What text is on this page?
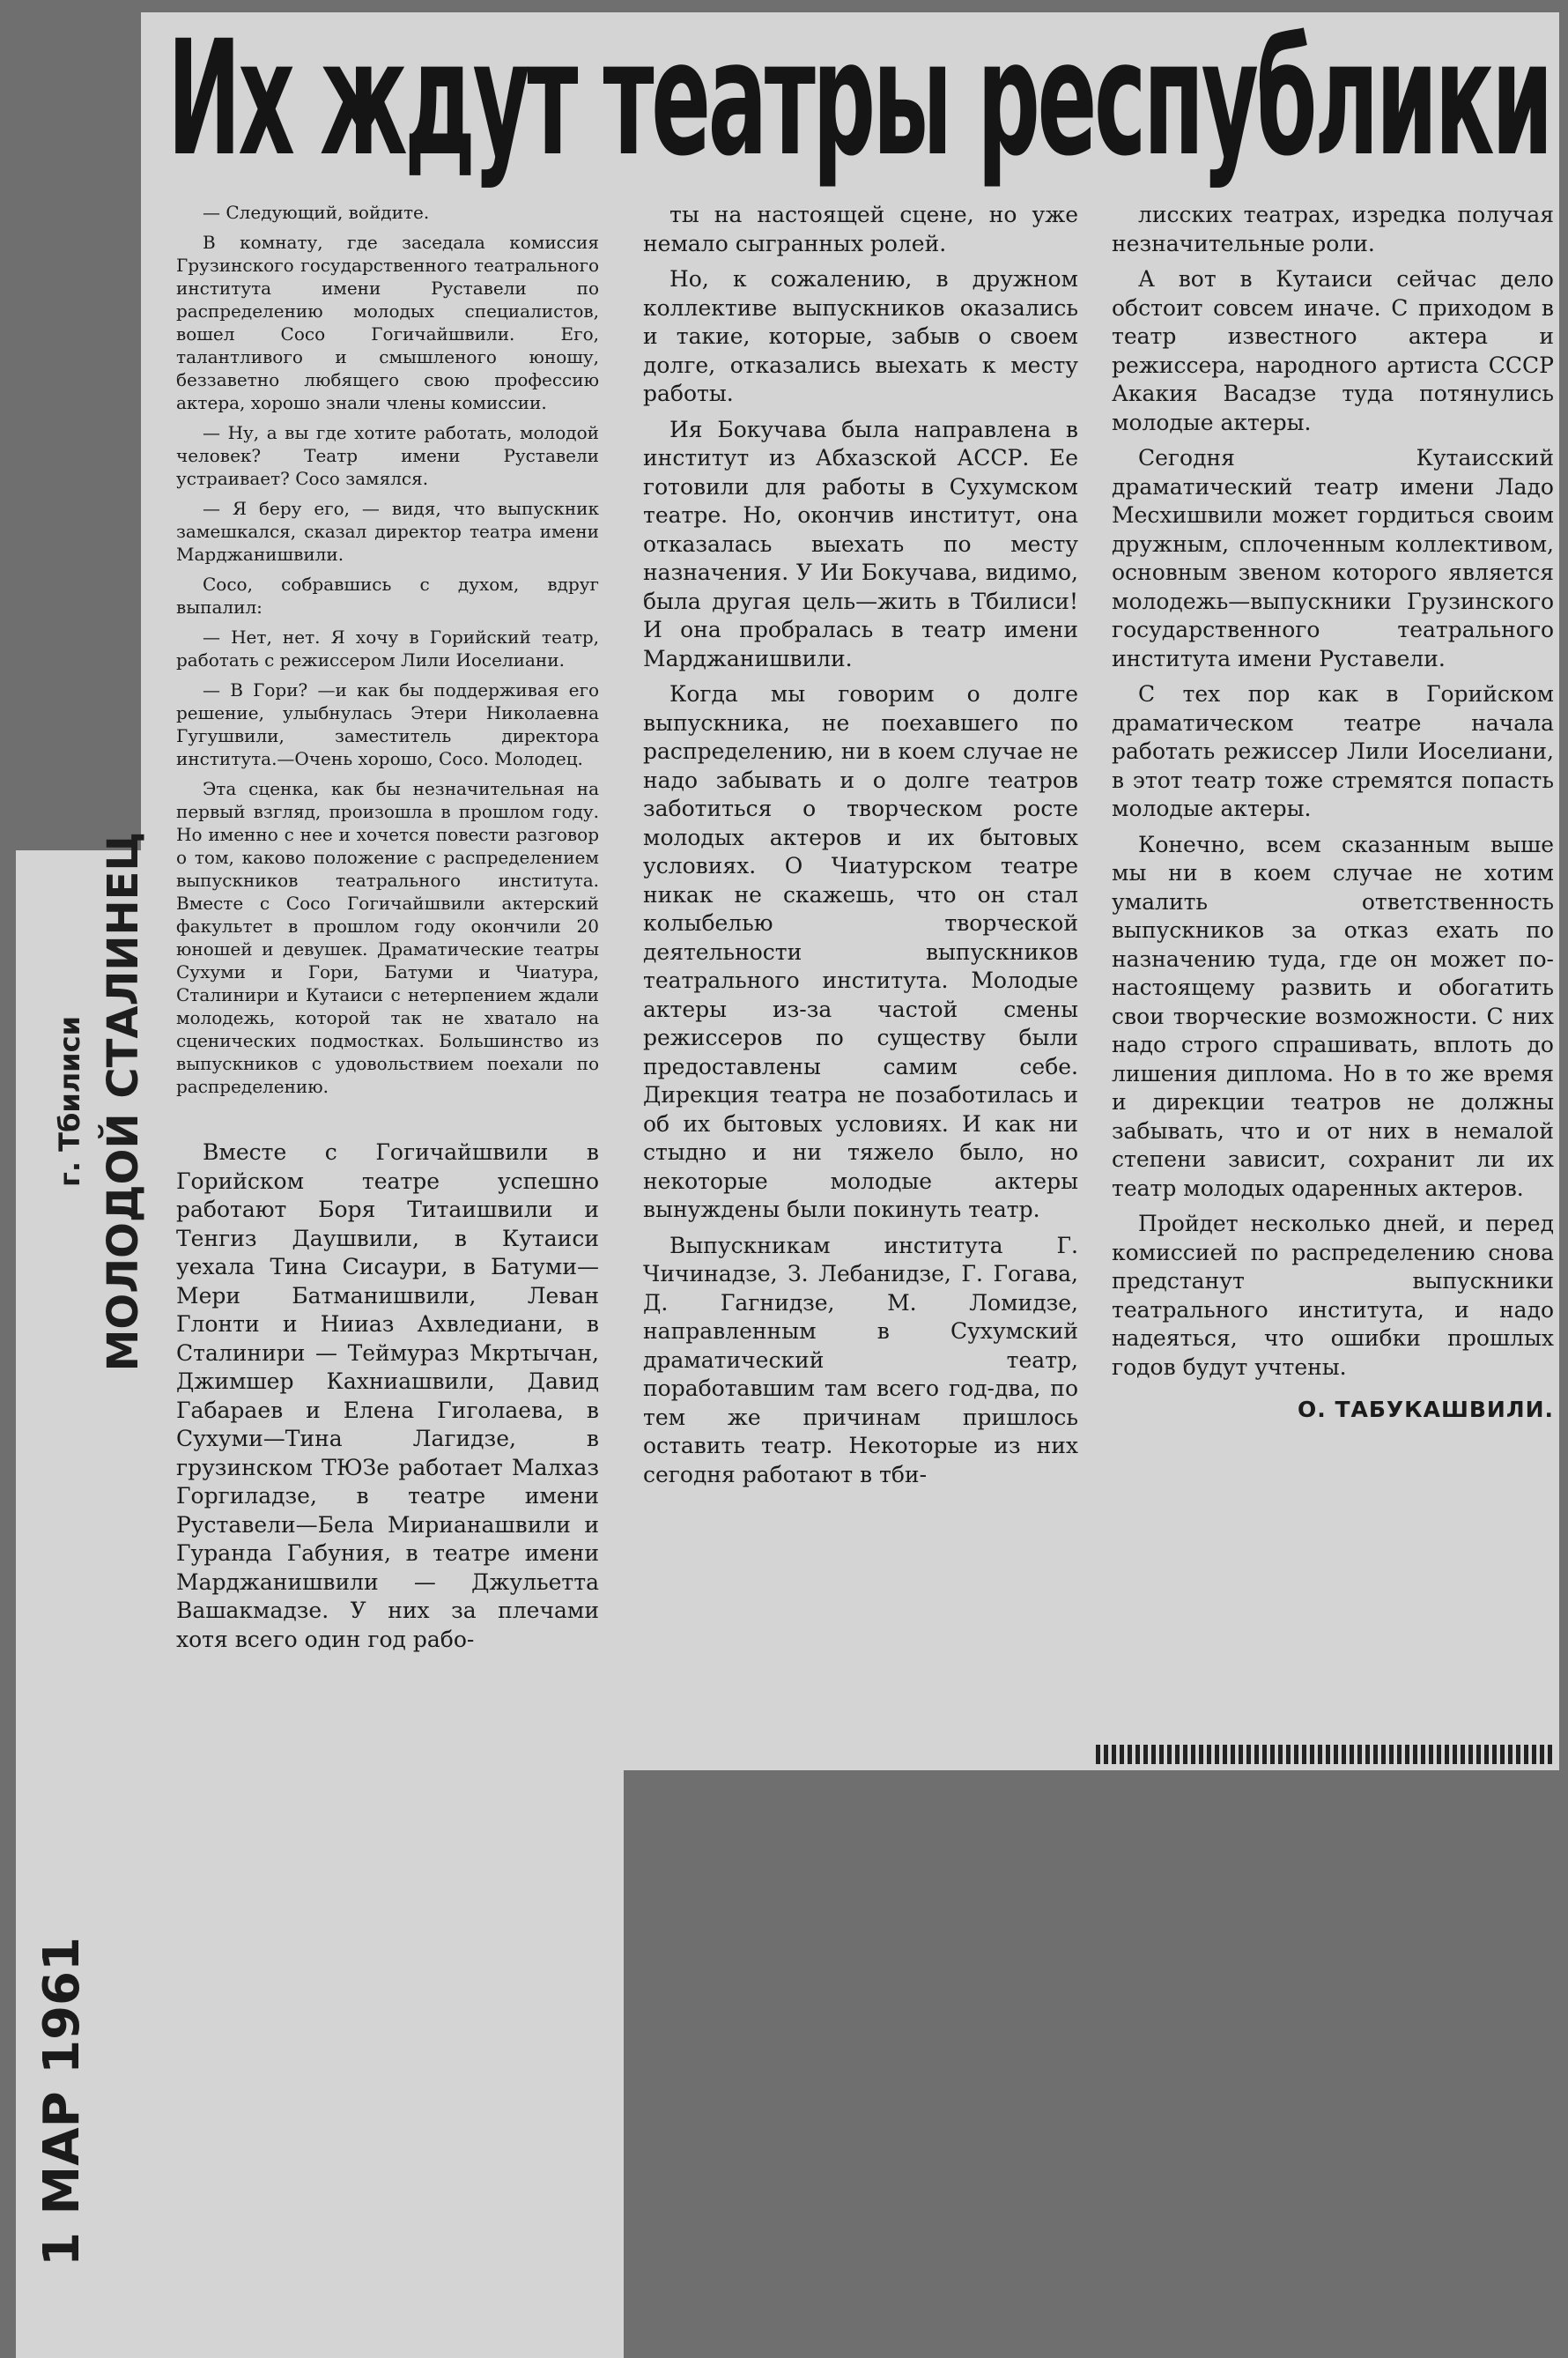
Их ждут театры республики

— Следующий, войдите.

В комнату, где заседала комиссия Грузинского государственного театрального института имени Руставели по распределению молодых специалистов, вошел Сосо Гогичайшвили. Его, талантливого и смышленого юношу, беззаветно любящего свою профессию актера, хорошо знали члены комиссии.

— Ну, а вы где хотите работать, молодой человек? Театр имени Руставели устраивает? Сосо замялся.

— Я беру его, — видя, что выпускник замешкался, сказал директор театра имени Марджанишвили.

Сосо, собравшись с духом, вдруг выпалил:

— Нет, нет. Я хочу в Горийский театр, работать с режиссером Лили Иоселиани.

— В Гори? —и как бы поддерживая его решение, улыбнулась Этери Николаевна Гугушвили, заместитель директора института.—Очень хорошо, Сосо. Молодец.

Эта сценка, как бы незначительная на первый взгляд, произошла в прошлом году. Но именно с нее и хочется повести разговор о том, каково положение с распределением выпускников театрального института. Вместе с Сосо Гогичайшвили актерский факультет в прошлом году окончили 20 юношей и девушек. Драматические театры Сухуми и Гори, Батуми и Чиатура, Сталинири и Кутаиси с нетерпением ждали молодежь, которой так не хватало на сценических подмостках. Большинство из выпускников с удовольствием поехали по распределению.

Вместе с Гогичайшвили в Горийском театре успешно работают Боря Титаишвили и Тенгиз Даушвили, в Кутаиси уехала Тина Сисаури, в Батуми—Мери Батманишвили, Леван Глонти и Нииаз Ахвледиани, в Сталинири — Теймураз Мкртычан, Джимшер Кахниашвили, Давид Габараев и Елена Гиголаева, в Сухуми—Тина Лагидзе, в грузинском ТЮЗе работает Малхаз Горгиладзе, в театре имени Руставели—Бела Мирианашвили и Гуранда Габуния, в театре имени Марджанишвили — Джульетта Вашакмадзе. У них за плечами хотя всего один год рабо-

ты на настоящей сцене, но уже немало сыгранных ролей.

Но, к сожалению, в дружном коллективе выпускников оказались и такие, которые, забыв о своем долге, отказались выехать к месту работы.

Ия Бокучава была направлена в институт из Абхазской АССР. Ее готовили для работы в Сухумском театре. Но, окончив институт, она отказалась выехать по месту назначения. У Ии Бокучава, видимо, была другая цель—жить в Тбилиси! И она пробралась в театр имени Марджанишвили.

Когда мы говорим о долге выпускника, не поехавшего по распределению, ни в коем случае не надо забывать и о долге театров заботиться о творческом росте молодых актеров и их бытовых условиях. О Чиатурском театре никак не скажешь, что он стал колыбелью творческой деятельности выпускников театрального института. Молодые актеры из-за частой смены режиссеров по существу были предоставлены самим себе. Дирекция театра не позаботилась и об их бытовых условиях. И как ни стыдно и ни тяжело было, но некоторые молодые актеры вынуждены были покинуть театр.

Выпускникам института Г. Чичинадзе, З. Лебанидзе, Г. Гогава, Д. Гагнидзе, М. Ломидзе, направленным в Сухумский драматический театр, поработавшим там всего год-два, по тем же причинам пришлось оставить театр. Некоторые из них сегодня работают в тби-

лисских театрах, изредка получая незначительные роли.

А вот в Кутаиси сейчас дело обстоит совсем иначе. С приходом в театр известного актера и режиссера, народного артиста СССР Акакия Васадзе туда потянулись молодые актеры.

Сегодня Кутаисский драматический театр имени Ладо Месхишвили может гордиться своим дружным, сплоченным коллективом, основным звеном которого является молодежь—выпускники Грузинского государственного театрального института имени Руставели.

С тех пор как в Горийском драматическом театре начала работать режиссер Лили Иоселиани, в этот театр тоже стремятся попасть молодые актеры.

Конечно, всем сказанным выше мы ни в коем случае не хотим умалить ответственность выпускников за отказ ехать по назначению туда, где он может по-настоящему развить и обогатить свои творческие возможности. С них надо строго спрашивать, вплоть до лишения диплома. Но в то же время и дирекции театров не должны забывать, что и от них в немалой степени зависит, сохранит ли их театр молодых одаренных актеров.

Пройдет несколько дней, и перед комиссией по распределению снова предстанут выпускники театрального института, и надо надеяться, что ошибки прошлых годов будут учтены.

О. ТАБУКАШВИЛИ.
г. Тбилиси МОЛОДОЙ СТАЛИНЕЦ
1 МАР 1961
